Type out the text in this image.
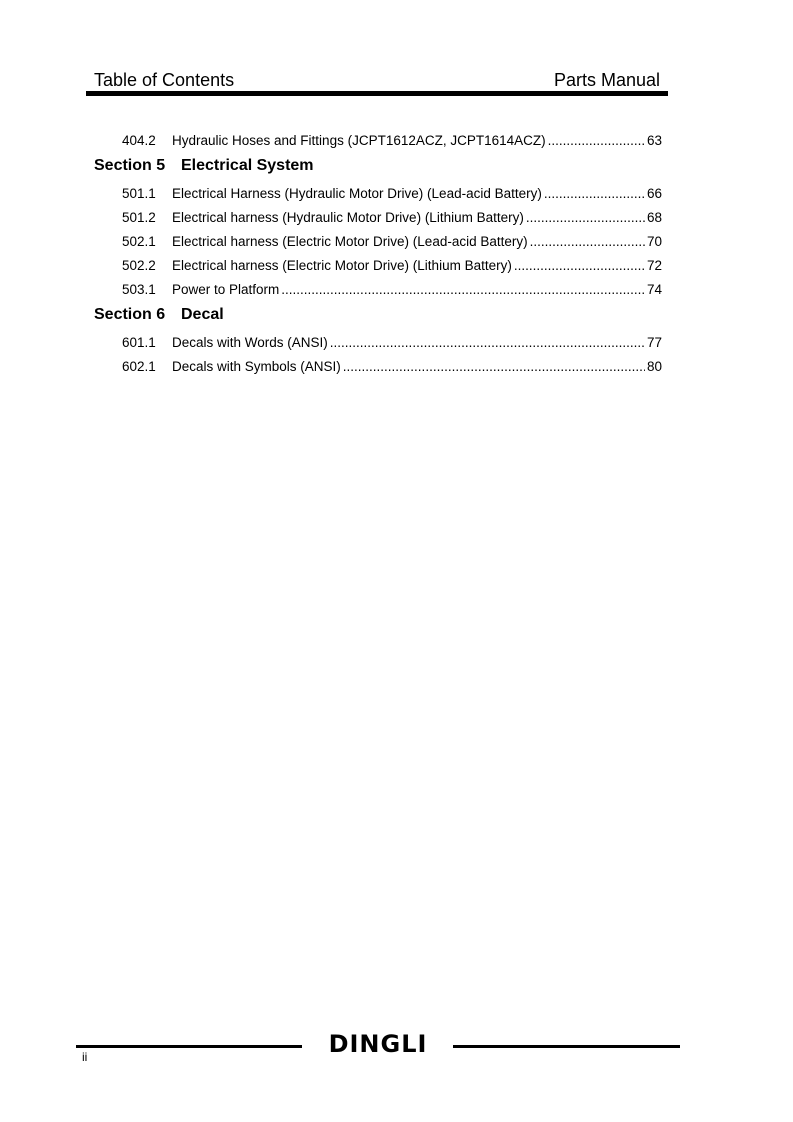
Table of Contents	Parts Manual
404.2	Hydraulic Hoses and Fittings (JCPT1612ACZ, JCPT1614ACZ) .....	63
Section 5 Electrical System
501.1	Electrical Harness (Hydraulic Motor Drive) (Lead-acid Battery) .....	66
501.2	Electrical harness (Hydraulic Motor Drive) (Lithium Battery) .....	68
502.1	Electrical harness (Electric Motor Drive) (Lead-acid Battery) .....	70
502.2	Electrical harness (Electric Motor Drive) (Lithium Battery) .....	72
503.1	Power to Platform .....	74
Section 6 Decal
601.1	Decals with Words (ANSI) .....	77
602.1	Decals with Symbols (ANSI) .....	80
DINGLI
ii
